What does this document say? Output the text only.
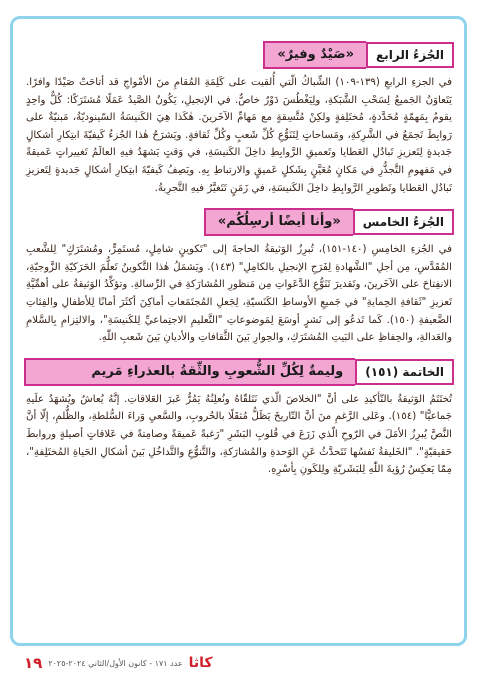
الجُزءُ الرابع
«صَيْدٌ وفيرٌ»

في الجزءِ الرابعِ (١٣٩-١٠٩) الشِّباكُ الّتي أُلقيت على كَلِمَةِ المُقامِ منَ الأمْواجِ قد أتاحَتْ صَيْدًا وافرًا. يَتَعاوَنُ الجَميعُ لِسَحْبِ الشَّبَكةِ، ولِيَغْطُسَ دَوْرٌ خاصٌّ. في الإنجيلِ، يَكُونُ الصَّيدُ عَمَلًا مُشتَرَكًا: كُلٌّ واحِدٍ يقومُ بِمَهمّةٍ مُحَدَّدةٍ، مُختَلِفةٍ ولكِنْ مُتَّسِقةٍ مع مَهامِّ الآخَرينَ. هٰكَذا هِيَ الكَنيسَةُ السّينوديّةُ، مَبنيّةٌ على رَوابِطَ تَجمَعُ في الشَّرِكةِ، ومَساحاتٍ لِتَنَوُّعِ كُلِّ شَعبٍ وكُلِّ ثَقافةٍ. ويَشرَحُ هٰذا الجُزءُ كَيفيّةَ ابتِكارِ أشكالٍ جَديدةٍ لِتَعزيزِ تَبادُلِ العَطايا وتَعميقِ الرَّوابِطِ داخِلَ الكَنيسَةِ، في وَقتٍ يَشهَدُ فيهِ العالَمُ تَغييراتٍ عَميقةً في مَفهومِ التَّجذُّرِ في مَكانٍ مُعَيَّنٍ بِشَكلٍ عَميقٍ والارتباطِ بِهِ. ويَصِفُ كَيفيّةَ ابتِكارِ أشكالٍ جَديدةٍ لِتَعزيزِ تَبادُلِ العَطايا وتَطويرِ الرَّوابِطِ داخِلَ الكَنيسَةِ، في زَمَنٍ تَتَغيَّرُ فيهِ التَّجرِبةُ.

الجُزءُ الخامس
«وأنا أيضًا أرسِلُكُم»

في الجُزءِ الخامِسِ (١٤٠-١٥١)، تُبرِزُ الوَثيقةُ الحاجةَ إلى "تَكوينٍ شامِلٍ، مُستَمِرٍّ، ومُشتَرَكٍ" لِلشَّعبِ المُقَدَّسِ، مِن أجلِ "الشَّهادةِ لِفَرَحِ الإنجيلِ بالكامِلِ" (١٤٣). ويَشمَلُ هٰذا التَّكوينُ تَعلُّمَ الحَرَكيّةِ الزَّوجيّةِ، الانفِتاحَ على الآخَرينَ، وتَقديرَ تَنَوُّعِ الدَّعَواتِ مِن مَنظورِ المُشارَكةِ في الرِّسالةِ. وتؤكِّدُ الوَثيقةُ على أهمِّيَّةِ تَعزيزِ "ثَقافةِ الحِمايةِ" في جَميعِ الأوساطِ الكَنَسيّةِ، لِجَعلِ المُجتَمَعاتِ أماكِنَ أكثَرَ أمانًا لِلأطفالِ والفِئاتِ الضَّعيفةِ (١٥٠). كَما تَدعُو إلى نَشرٍ أوسَعَ لِمَوضوعاتِ "التَّعليمِ الاجتِماعيِّ لِلكَنيسَةِ"، والالتِزامِ بِالسَّلامِ والعَدالةِ، والحِفاظِ على البَيتِ المُشتَرَكِ، والحِوارِ بَينَ الثَّقافاتِ والأديانِ بَينَ شَعبِ اللّٰهِ.

الخاتمة (١٥١)
وليمةٌ لِكُلِّ الشُّعوبِ والثِّقةُ بالعذراءِ مَريم

تُختَتَمُ الوَثيقةُ بالتّأكيدِ على أنَّ "الخلاصَ الّذي نَتَلقّاهُ ونُعلِنُهُ يَمُرُّ عَبرَ العَلاقاتِ. إنَّهُ يُعاشُ ويُشهَدُ علَيهِ جَماعيًّا" (١٥٤). وعَلى الرَّغمِ منَ أنَّ التّاريخَ يَظَلُّ مُثقَلًا بالحُروبِ، والسَّعيِ وَراءَ السُّلطةِ، والظُّلمِ، إلّا أنَّ النَّصَّ يُبرِزُ الأمَلَ في الرّوحِ الّذي زَرَعَ في قُلوبِ البَشَرِ "رَغبةً عَميقةً وصامِتةً في عَلاقاتٍ أصيلةٍ وروابطَ حَقيقيّةٍ". "الخَليقةُ نَفسُها تَتَحدَّثُ عَنِ الوَحدةِ والمُشارَكةِ، والتَّنوُّعِ والتَّداخُلِ بَينَ أشكالِ الحَياةِ المُختَلِفةِ"، مِمّا يَعكِسُ رُؤيةَ اللّٰهِ لِلبَشَريّةِ ولِلكَونِ بِأسْرِهِ.

١٩ عدد ١٧١ - كانون الأول/الثاني ٢٠٢٤-٢٠٢٥ كاثا
